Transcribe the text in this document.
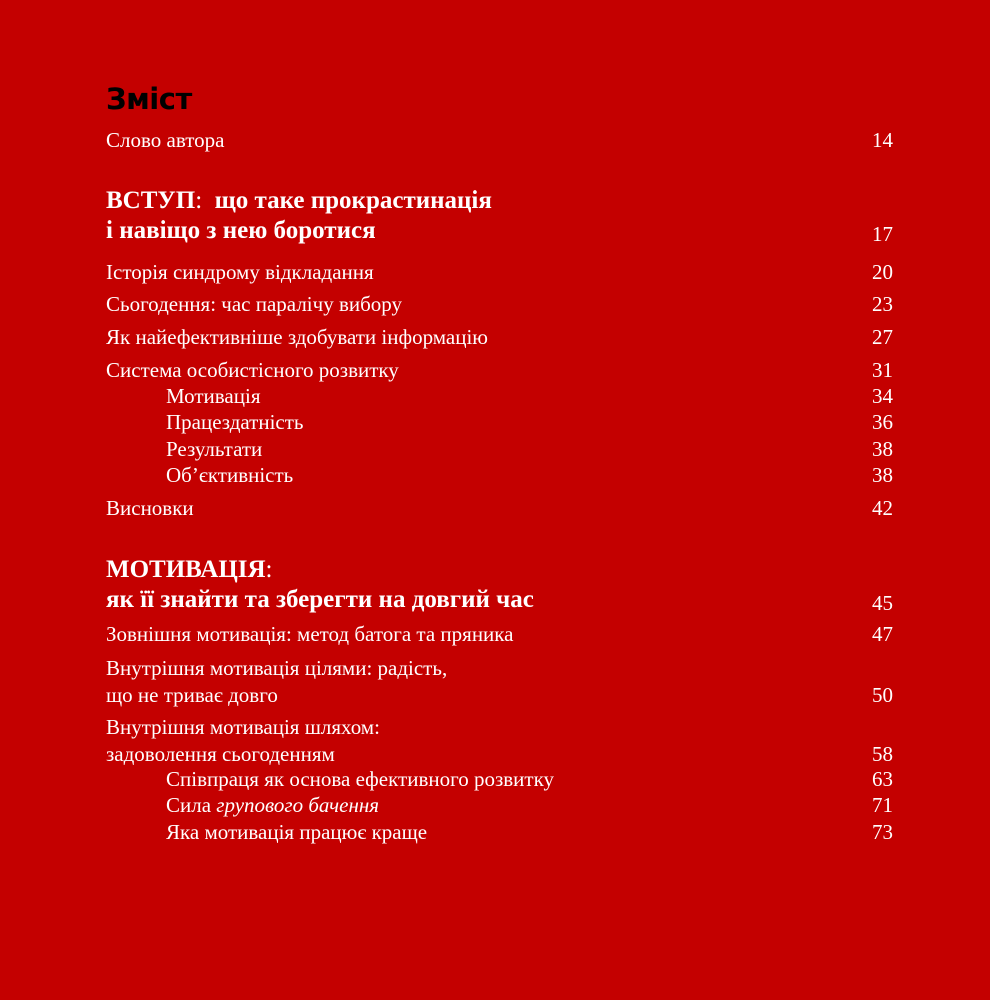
Зміст
Слово автора	14
ВСТУП: що таке прокрастинація
і навіщо з нею боротися	17
Історія синдрому відкладання	20
Сьогодення: час паралічу вибору	23
Як найефективніше здобувати інформацію	27
Система особистісного розвитку	31
Мотивація	34
Працездатність	36
Результати	38
Об’єктивність	38
Висновки	42
МОТИВАЦІЯ:
як її знайти та зберегти на довгий час	45
Зовнішня мотивація: метод батога та пряника	47
Внутрішня мотивація цілями: радість,
що не триває довго	50
Внутрішня мотивація шляхом:
задоволення сьогоденням	58
Співпраця як основа ефективного розвитку	63
Сила групового бачення	71
Яка мотивація працює краще	73
